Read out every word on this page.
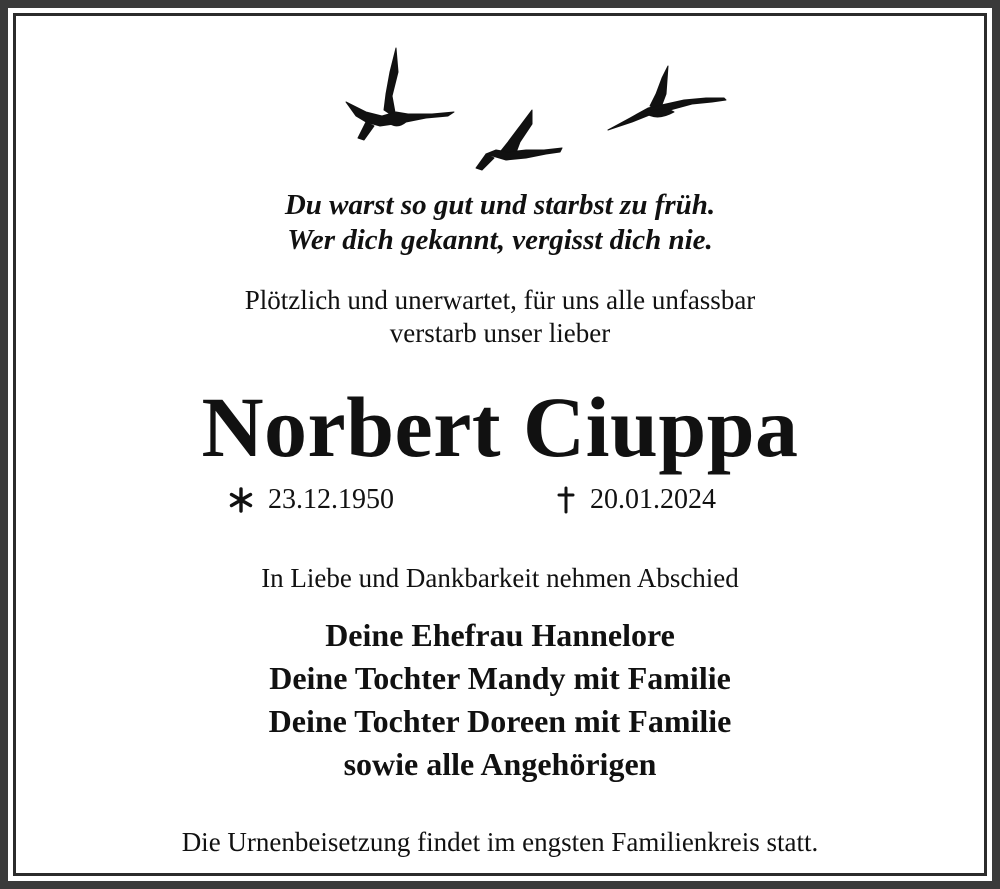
Du warst so gut und starbst zu früh.
Wer dich gekannt, vergisst dich nie.
Plötzlich und unerwartet, für uns alle unfassbar
verstarb unser lieber
Norbert Ciuppa
23.12.1950	20.01.2024
In Liebe und Dankbarkeit nehmen Abschied
Deine Ehefrau Hannelore
Deine Tochter Mandy mit Familie
Deine Tochter Doreen mit Familie
sowie alle Angehörigen
Die Urnenbeisetzung findet im engsten Familienkreis statt.
